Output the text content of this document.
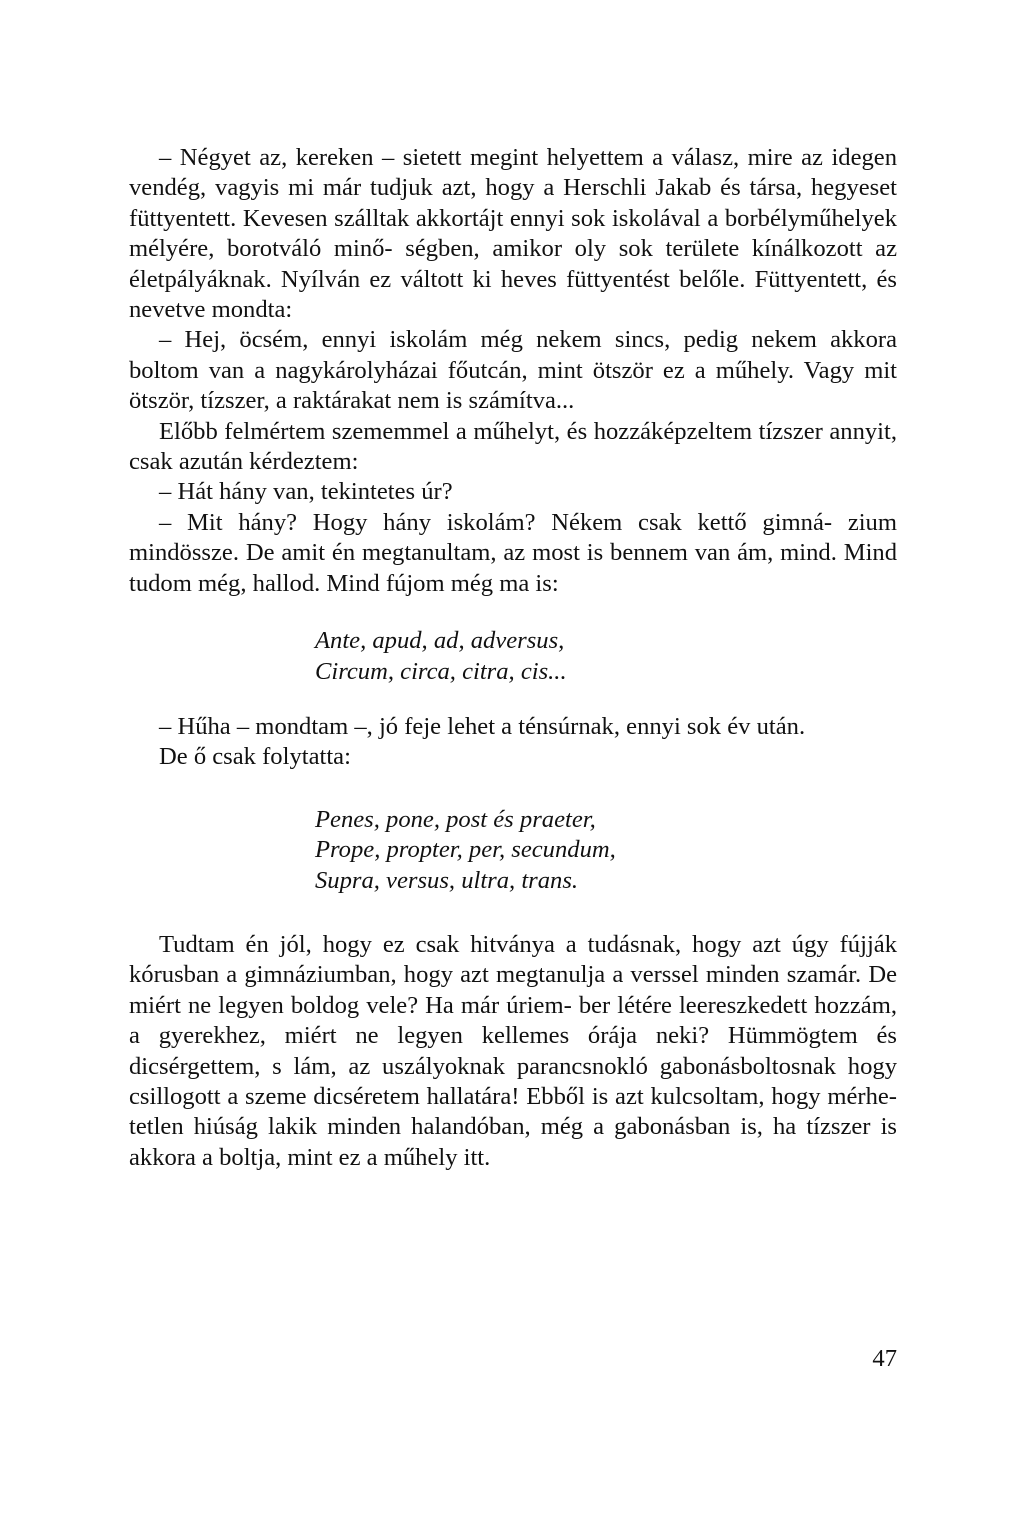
– Négyet az, kereken – sietett megint helyettem a válasz, mire az idegen vendég, vagyis mi már tudjuk azt, hogy a Herschli Jakab és társa, hegyeset füttyentett. Kevesen szálltak akkortájt ennyi sok iskolával a borbélyműhelyek mélyére, borotváló minő- ségben, amikor oly sok területe kínálkozott az életpályáknak. Nyílván ez váltott ki heves füttyentést belőle. Füttyentett, és nevetve mondta:

– Hej, öcsém, ennyi iskolám még nekem sincs, pedig nekem akkora boltom van a nagykárolyházai főutcán, mint ötször ez a műhely. Vagy mit ötször, tízszer, a raktárakat nem is számítva...

Előbb felmértem szememmel a műhelyt, és hozzáképzeltem tízszer annyit, csak azután kérdeztem:

– Hát hány van, tekintetes úr?

– Mit hány? Hogy hány iskolám? Nékem csak kettő gimná- zium mindössze. De amit én megtanultam, az most is bennem van ám, mind. Mind tudom még, hallod. Mind fújom még ma is:

Ante, apud, ad, adversus,
Circum, circa, citra, cis...

– Hűha – mondtam –, jó feje lehet a ténsúrnak, ennyi sok év után.

De ő csak folytatta:

Penes, pone, post és praeter,
Prope, propter, per, secundum,
Supra, versus, ultra, trans.

Tudtam én jól, hogy ez csak hitványa a tudásnak, hogy azt úgy fújják kórusban a gimnáziumban, hogy azt megtanulja a verssel minden szamár. De miért ne legyen boldog vele? Ha már úriem- ber létére leereszkedett hozzám, a gyerekhez, miért ne legyen kellemes órája neki? Hümmögtem és dicsérgettem, s lám, az uszályoknak parancsnokló gabonásboltosnak hogy csillogott a szeme dicséretem hallatára! Ebből is azt kulcsoltam, hogy mérhe- tetlen hiúság lakik minden halandóban, még a gabonásban is, ha tízszer is akkora a boltja, mint ez a műhely itt.

47
